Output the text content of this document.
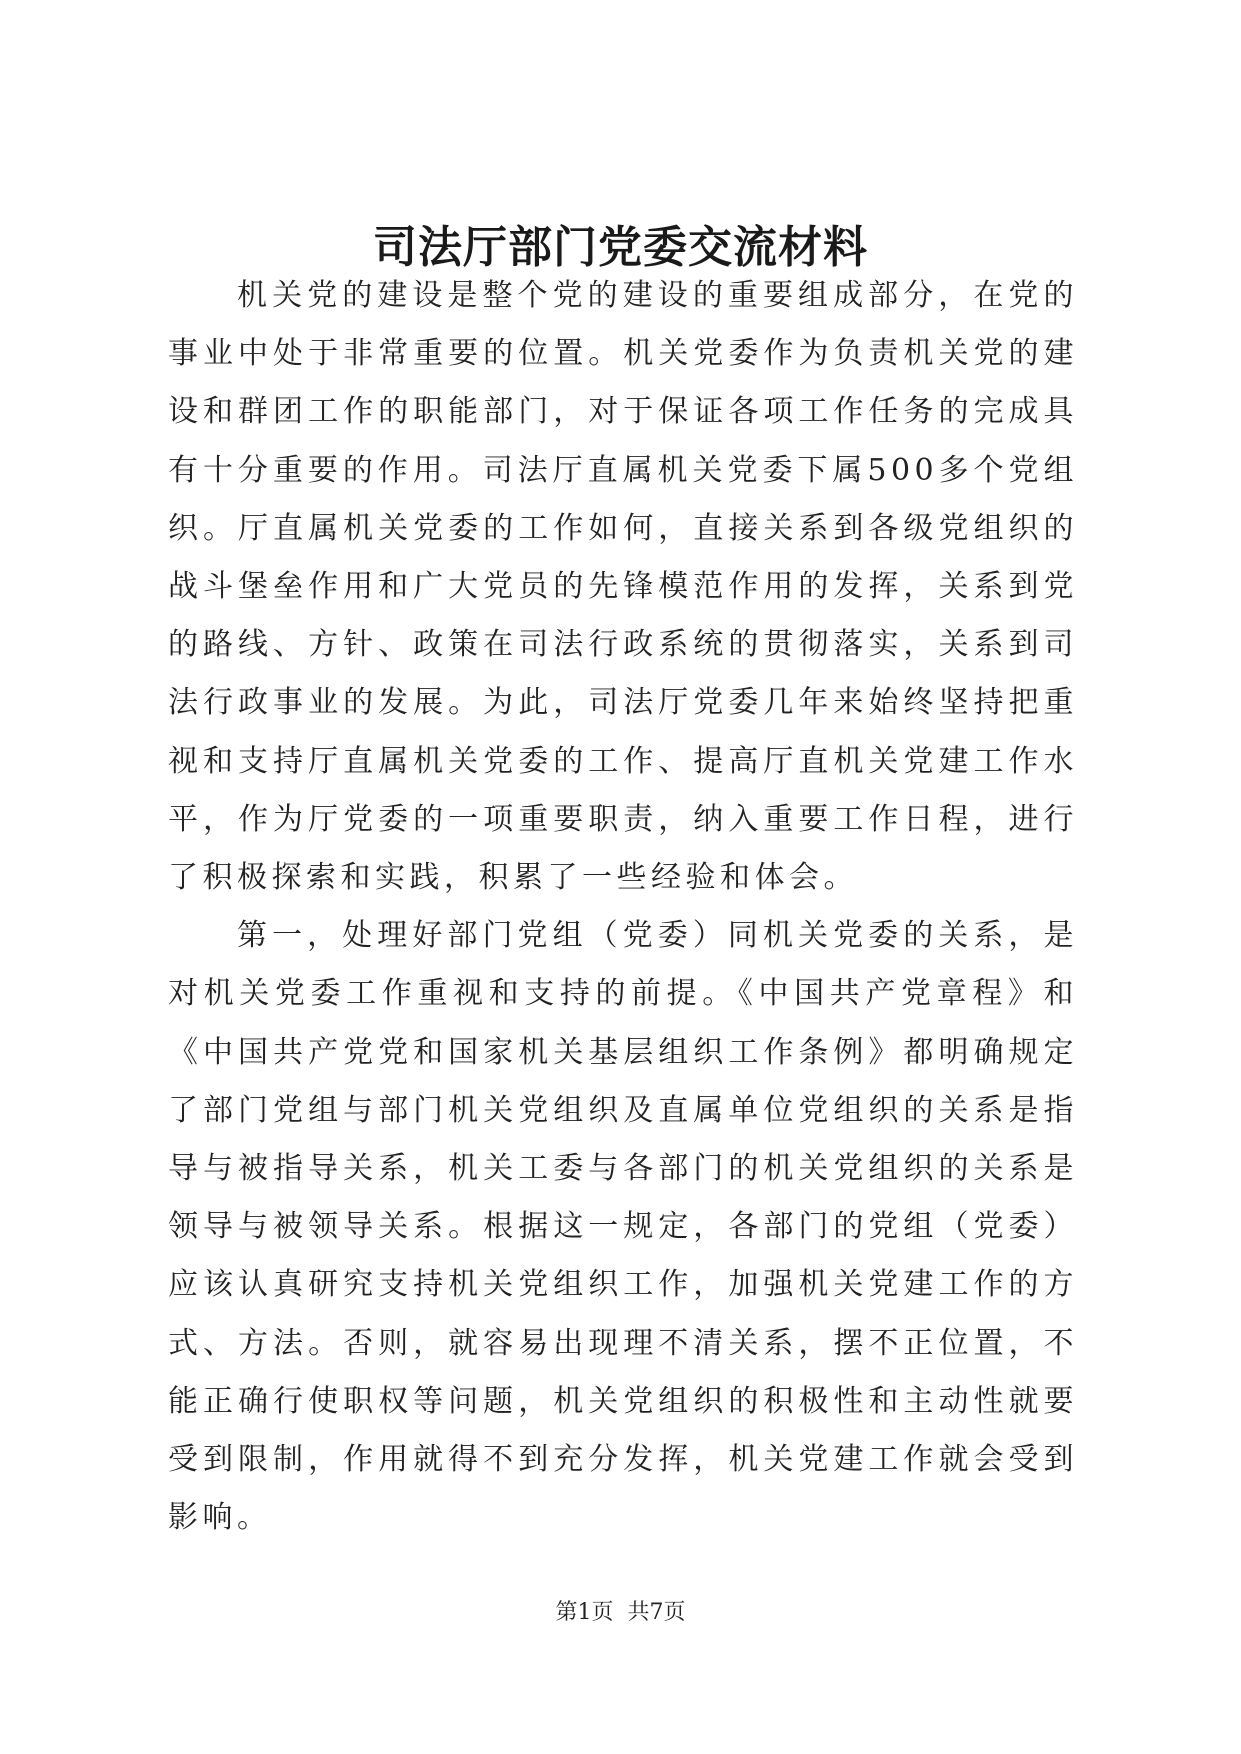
司法厅部门党委交流材料

机关党的建设是整个党的建设的重要组成部分，在党的事业中处于非常重要的位置。机关党委作为负责机关党的建设和群团工作的职能部门，对于保证各项工作任务的完成具有十分重要的作用。司法厅直属机关党委下属500多个党组织。厅直属机关党委的工作如何，直接关系到各级党组织的战斗堡垒作用和广大党员的先锋模范作用的发挥，关系到党的路线、方针、政策在司法行政系统的贯彻落实，关系到司法行政事业的发展。为此，司法厅党委几年来始终坚持把重视和支持厅直属机关党委的工作、提高厅直机关党建工作水平，作为厅党委的一项重要职责，纳入重要工作日程，进行了积极探索和实践，积累了一些经验和体会。

第一，处理好部门党组（党委）同机关党委的关系，是对机关党委工作重视和支持的前提。《中国共产党章程》和《中国共产党党和国家机关基层组织工作条例》都明确规定了部门党组与部门机关党组织及直属单位党组织的关系是指导与被指导关系，机关工委与各部门的机关党组织的关系是领导与被领导关系。根据这一规定，各部门的党组（党委）应该认真研究支持机关党组织工作，加强机关党建工作的方式、方法。否则，就容易出现理不清关系，摆不正位置，不能正确行使职权等问题，机关党组织的积极性和主动性就要受到限制，作用就得不到充分发挥，机关党建工作就会受到影响。

第1页 共7页
